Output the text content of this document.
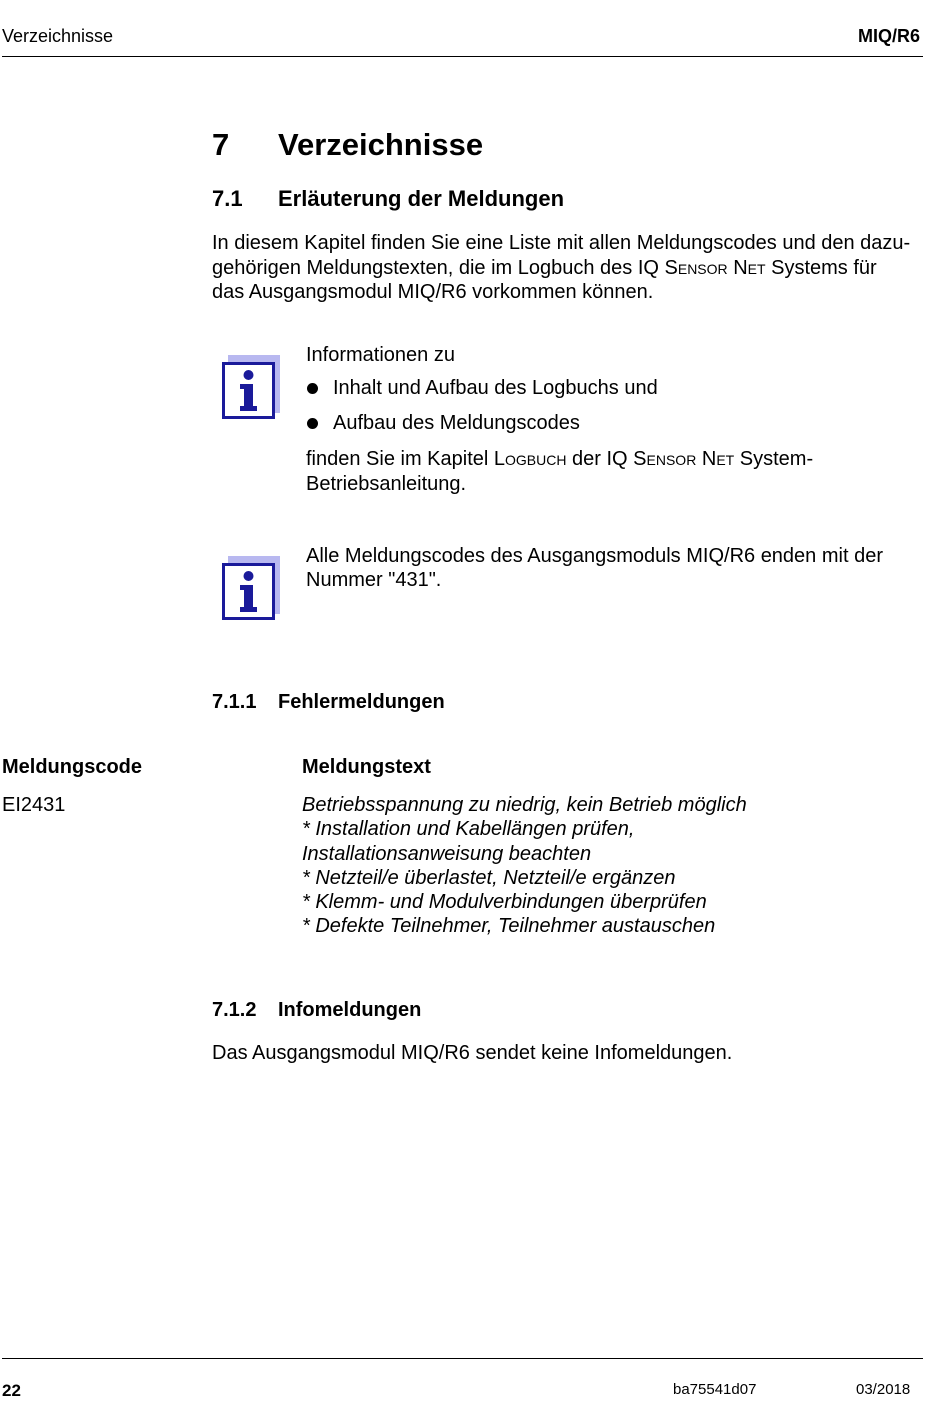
Verzeichnisse	MIQ/R6
7 Verzeichnisse
7.1 Erläuterung der Meldungen
In diesem Kapitel finden Sie eine Liste mit allen Meldungscodes und den dazu-
gehörigen Meldungstexten, die im Logbuch des IQ Sensor Net Systems für
das Ausgangsmodul MIQ/R6 vorkommen können.
Informationen zu
Inhalt und Aufbau des Logbuchs und
Aufbau des Meldungscodes
finden Sie im Kapitel Logbuch der IQ Sensor Net System-
Betriebsanleitung.
Alle Meldungscodes des Ausgangsmoduls MIQ/R6 enden mit der
Nummer "431".
7.1.1 Fehlermeldungen
Meldungscode	Meldungstext
EI2431	Betriebsspannung zu niedrig, kein Betrieb möglich
* Installation und Kabellängen prüfen,
Installationsanweisung beachten
* Netzteil/e überlastet, Netzteil/e ergänzen
* Klemm- und Modulverbindungen überprüfen
* Defekte Teilnehmer, Teilnehmer austauschen
7.1.2 Infomeldungen
Das Ausgangsmodul MIQ/R6 sendet keine Infomeldungen.
22	ba75541d07	03/2018
